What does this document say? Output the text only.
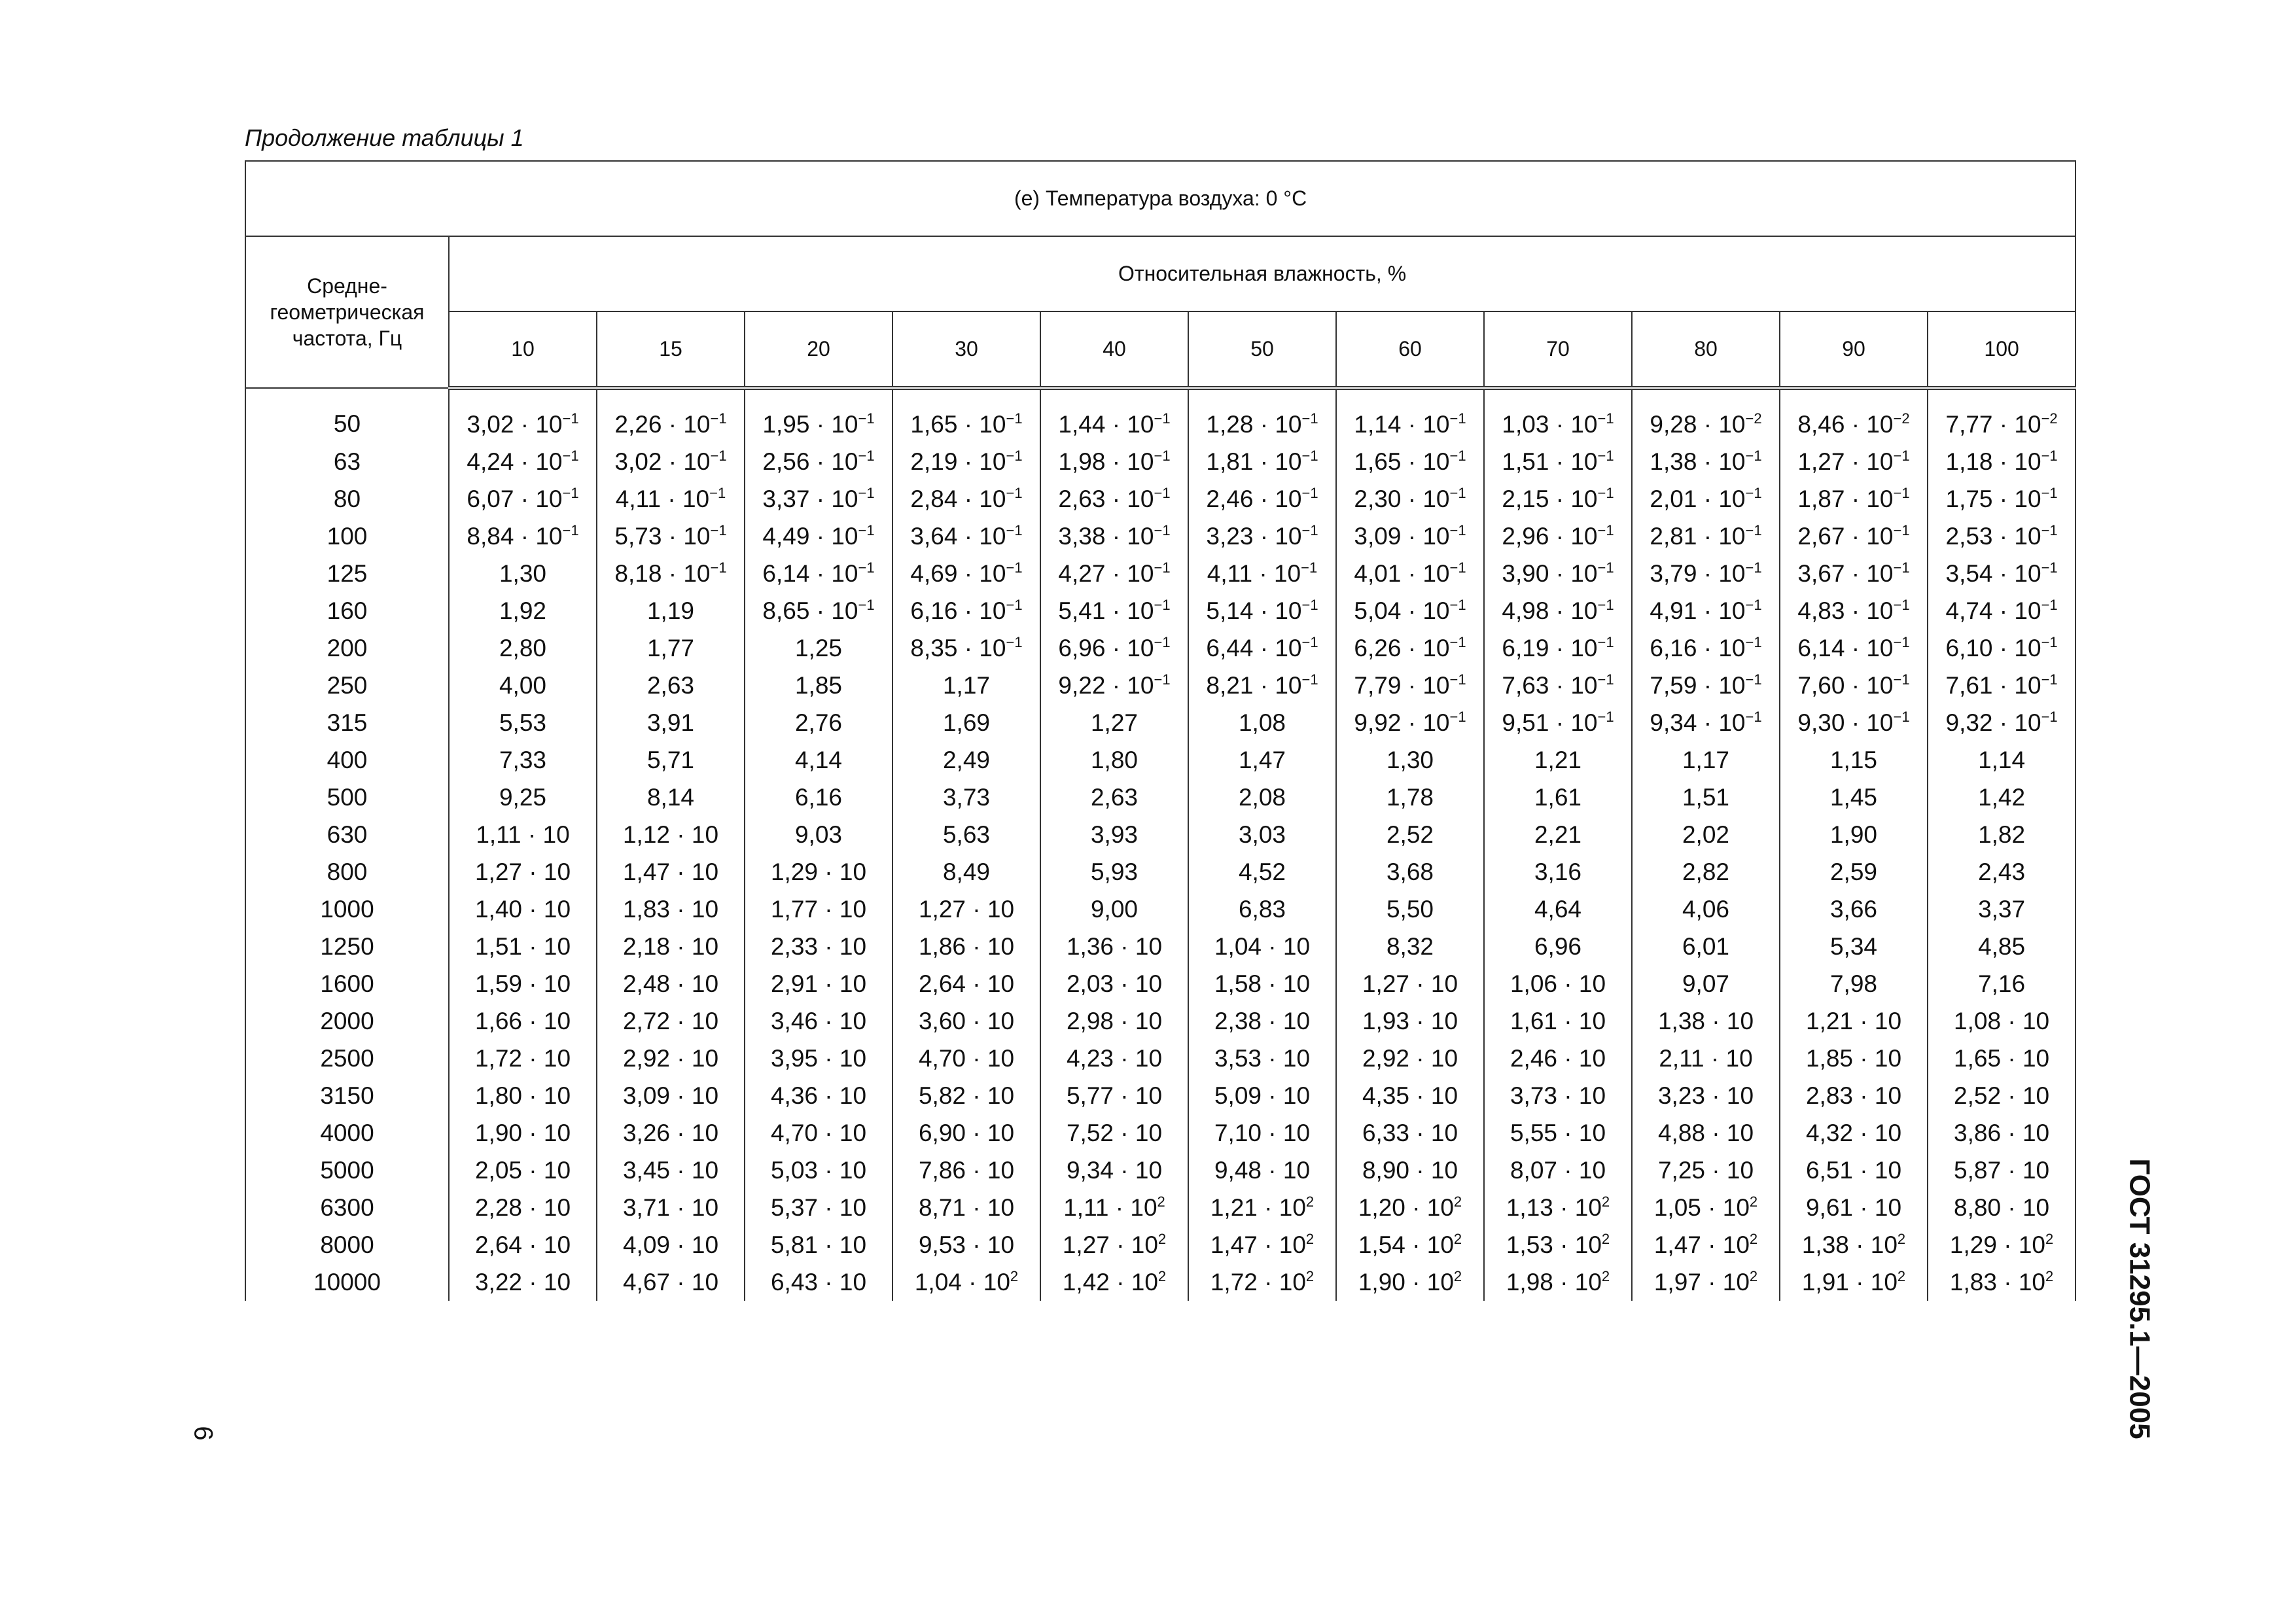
Продолжение таблицы 1
(е) Температура воздуха: 0 °С											
Средне-геометрическая частота, Гц	Относительная влажность, %										
	10	15	20	30	40	50	60	70	80	90	100
50	$3,02 \cdot 10^{-1}$	$2,26 \cdot 10^{-1}$	$1,95 \cdot 10^{-1}$	$1,65 \cdot 10^{-1}$	$1,44 \cdot 10^{-1}$	$1,28 \cdot 10^{-1}$	$1,14 \cdot 10^{-1}$	$1,03 \cdot 10^{-1}$	$9,28 \cdot 10^{-2}$	$8,46 \cdot 10^{-2}$	$7,77 \cdot 10^{-2}$
63	$4,24 \cdot 10^{-1}$	$3,02 \cdot 10^{-1}$	$2,56 \cdot 10^{-1}$	$2,19 \cdot 10^{-1}$	$1,98 \cdot 10^{-1}$	$1,81 \cdot 10^{-1}$	$1,65 \cdot 10^{-1}$	$1,51 \cdot 10^{-1}$	$1,38 \cdot 10^{-1}$	$1,27 \cdot 10^{-1}$	$1,18 \cdot 10^{-1}$
80	$6,07 \cdot 10^{-1}$	$4,11 \cdot 10^{-1}$	$3,37 \cdot 10^{-1}$	$2,84 \cdot 10^{-1}$	$2,63 \cdot 10^{-1}$	$2,46 \cdot 10^{-1}$	$2,30 \cdot 10^{-1}$	$2,15 \cdot 10^{-1}$	$2,01 \cdot 10^{-1}$	$1,87 \cdot 10^{-1}$	$1,75 \cdot 10^{-1}$
100	$8,84 \cdot 10^{-1}$	$5,73 \cdot 10^{-1}$	$4,49 \cdot 10^{-1}$	$3,64 \cdot 10^{-1}$	$3,38 \cdot 10^{-1}$	$3,23 \cdot 10^{-1}$	$3,09 \cdot 10^{-1}$	$2,96 \cdot 10^{-1}$	$2,81 \cdot 10^{-1}$	$2,67 \cdot 10^{-1}$	$2,53 \cdot 10^{-1}$
125	1,30	$8,18 \cdot 10^{-1}$	$6,14 \cdot 10^{-1}$	$4,69 \cdot 10^{-1}$	$4,27 \cdot 10^{-1}$	$4,11 \cdot 10^{-1}$	$4,01 \cdot 10^{-1}$	$3,90 \cdot 10^{-1}$	$3,79 \cdot 10^{-1}$	$3,67 \cdot 10^{-1}$	$3,54 \cdot 10^{-1}$
160	1,92	1,19	$8,65 \cdot 10^{-1}$	$6,16 \cdot 10^{-1}$	$5,41 \cdot 10^{-1}$	$5,14 \cdot 10^{-1}$	$5,04 \cdot 10^{-1}$	$4,98 \cdot 10^{-1}$	$4,91 \cdot 10^{-1}$	$4,83 \cdot 10^{-1}$	$4,74 \cdot 10^{-1}$
200	2,80	1,77	1,25	$8,35 \cdot 10^{-1}$	$6,96 \cdot 10^{-1}$	$6,44 \cdot 10^{-1}$	$6,26 \cdot 10^{-1}$	$6,19 \cdot 10^{-1}$	$6,16 \cdot 10^{-1}$	$6,14 \cdot 10^{-1}$	$6,10 \cdot 10^{-1}$
250	4,00	2,63	1,85	1,17	$9,22 \cdot 10^{-1}$	$8,21 \cdot 10^{-1}$	$7,79 \cdot 10^{-1}$	$7,63 \cdot 10^{-1}$	$7,59 \cdot 10^{-1}$	$7,60 \cdot 10^{-1}$	$7,61 \cdot 10^{-1}$
315	5,53	3,91	2,76	1,69	1,27	1,08	$9,92 \cdot 10^{-1}$	$9,51 \cdot 10^{-1}$	$9,34 \cdot 10^{-1}$	$9,30 \cdot 10^{-1}$	$9,32 \cdot 10^{-1}$
400	7,33	5,71	4,14	2,49	1,80	1,47	1,30	1,21	1,17	1,15	1,14
500	9,25	8,14	6,16	3,73	2,63	2,08	1,78	1,61	1,51	1,45	1,42
630	1,11 · 10	1,12 · 10	9,03	5,63	3,93	3,03	2,52	2,21	2,02	1,90	1,82
800	1,27 · 10	1,47 · 10	1,29 · 10	8,49	5,93	4,52	3,68	3,16	2,82	2,59	2,43
1000	1,40 · 10	1,83 · 10	1,77 · 10	1,27 · 10	9,00	6,83	5,50	4,64	4,06	3,66	3,37
1250	1,51 · 10	2,18 · 10	2,33 · 10	1,86 · 10	1,36 · 10	1,04 · 10	8,32	6,96	6,01	5,34	4,85
1600	1,59 · 10	2,48 · 10	2,91 · 10	2,64 · 10	2,03 · 10	1,58 · 10	1,27 · 10	1,06 · 10	9,07	7,98	7,16
2000	1,66 · 10	2,72 · 10	3,46 · 10	3,60 · 10	2,98 · 10	2,38 · 10	1,93 · 10	1,61 · 10	1,38 · 10	1,21 · 10	1,08 · 10
2500	1,72 · 10	2,92 · 10	3,95 · 10	4,70 · 10	4,23 · 10	3,53 · 10	2,92 · 10	2,46 · 10	2,11 · 10	1,85 · 10	1,65 · 10
3150	1,80 · 10	3,09 · 10	4,36 · 10	5,82 · 10	5,77 · 10	5,09 · 10	4,35 · 10	3,73 · 10	3,23 · 10	2,83 · 10	2,52 · 10
4000	1,90 · 10	3,26 · 10	4,70 · 10	6,90 · 10	7,52 · 10	7,10 · 10	6,33 · 10	5,55 · 10	4,88 · 10	4,32 · 10	3,86 · 10
5000	2,05 · 10	3,45 · 10	5,03 · 10	7,86 · 10	9,34 · 10	9,48 · 10	8,90 · 10	8,07 · 10	7,25 · 10	6,51 · 10	5,87 · 10
6300	2,28 · 10	3,71 · 10	5,37 · 10	8,71 · 10	$1,11 \cdot 10^2$	$1,21 \cdot 10^2$	$1,20 \cdot 10^2$	$1,13 \cdot 10^2$	$1,05 \cdot 10^2$	9,61 · 10	8,80 · 10
8000	2,64 · 10	4,09 · 10	5,81 · 10	9,53 · 10	$1,27 \cdot 10^2$	$1,47 \cdot 10^2$	$1,54 \cdot 10^2$	$1,53 \cdot 10^2$	$1,47 \cdot 10^2$	$1,38 \cdot 10^2$	$1,29 \cdot 10^2$
10000	3,22 · 10	4,67 · 10	6,43 · 10	$1,04 \cdot 10^2$	$1,42 \cdot 10^2$	$1,72 \cdot 10^2$	$1,90 \cdot 10^2$	$1,98 \cdot 10^2$	$1,97 \cdot 10^2$	$1,91 \cdot 10^2$	$1,83 \cdot 10^2$ ГОСТ 31295.1—2005
6
